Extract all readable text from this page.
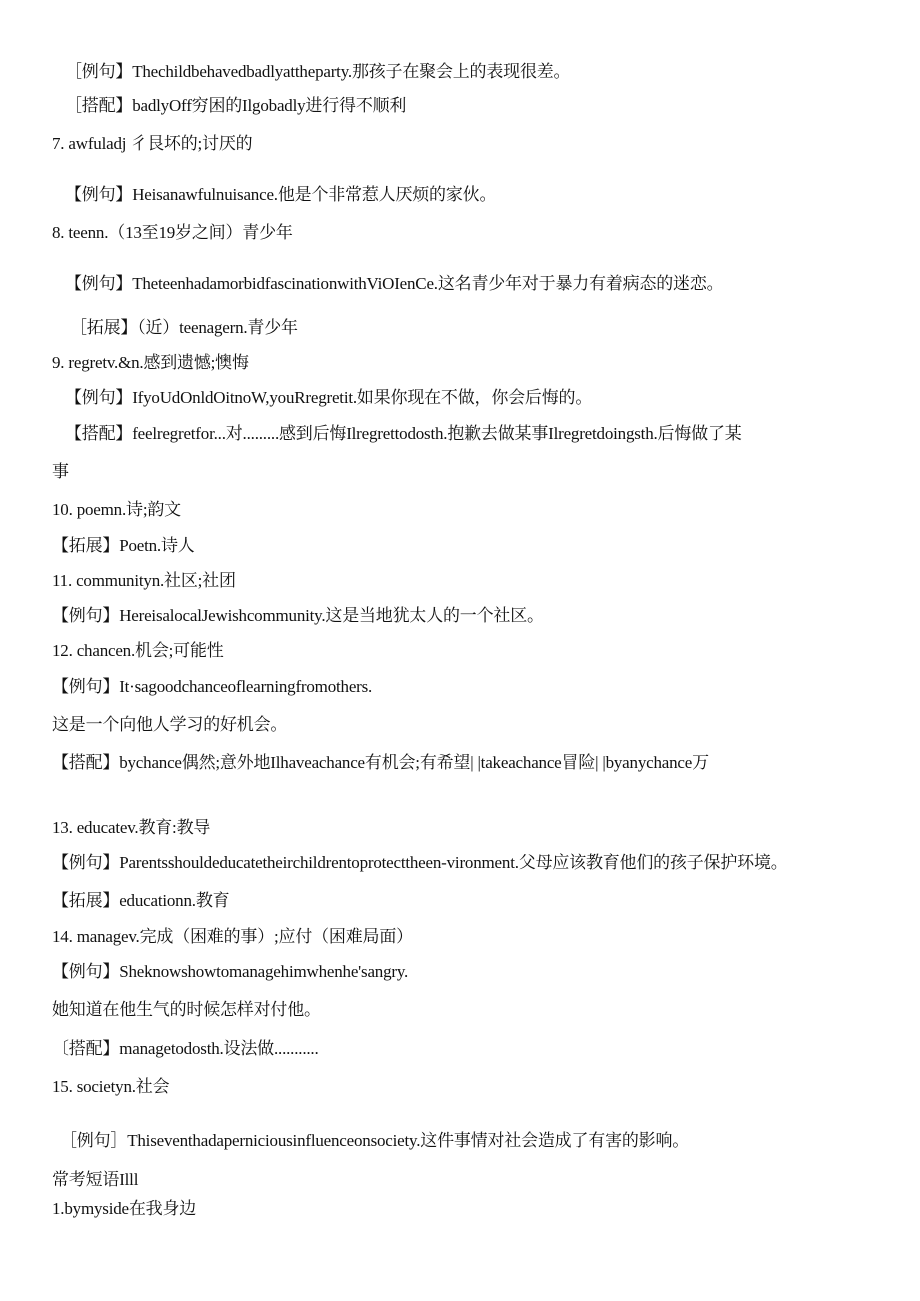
［例句】Thechildbehavedbadlyattheparty.那孩子在聚会上的表现很差。
［搭配】badlyOff穷困的Ilgobadly进行得不顺利
7. awfuladj 彳艮坏的;讨厌的
【例句】Heisanawfulnuisance.他是个非常惹人厌烦的家伙。
8. teenn.（13至19岁之间）青少年
【例句】TheteenhadamorbidfascinationwithViOIenCe.这名青少年对于暴力有着病态的迷恋。
［拓展】（近）teenagern.青少年
9. regretv.&n.感到遗憾;懊悔
【例句】IfyoUdOnldOitnoW,youRregretit.如果你现在不做，你会后悔的。
【搭配】feelregretfor...对.........感到后悔Ilregrettodosth.抱歉去做某事Ilregretdoingsth.后悔做了某
事
10. poemn.诗;韵文
【拓展】Poetn.诗人
11. communityn.社区;社团
【例句】HereisalocalJewishcommunity.这是当地犹太人的一个社区。
12. chancen.机会;可能性
【例句】It·sagoodchanceoflearningfromothers.
这是一个向他人学习的好机会。
【搭配】bychance偶然;意外地Ilhaveachance有机会;有希望| |takeachance冒险| |byanychance万
13. educatev.教育:教导
【例句】Parentsshouldeducatetheirchildrentoprotecttheen-vironment.父母应该教育他们的孩子保护环境。
【拓展】educationn.教育
14. managev.完成（困难的事）;应付（困难局面）
【例句】Sheknowshowtomanagehimwhenhe'sangry.
她知道在他生气的时候怎样对付他。
〔搭配】managetodosth.设法做...........
15. societyn.社会
［例句］Thiseventhadaperniciousinfluenceonsociety.这件事情对社会造成了有害的影响。
常考短语Illl
1.bymyside在我身边
